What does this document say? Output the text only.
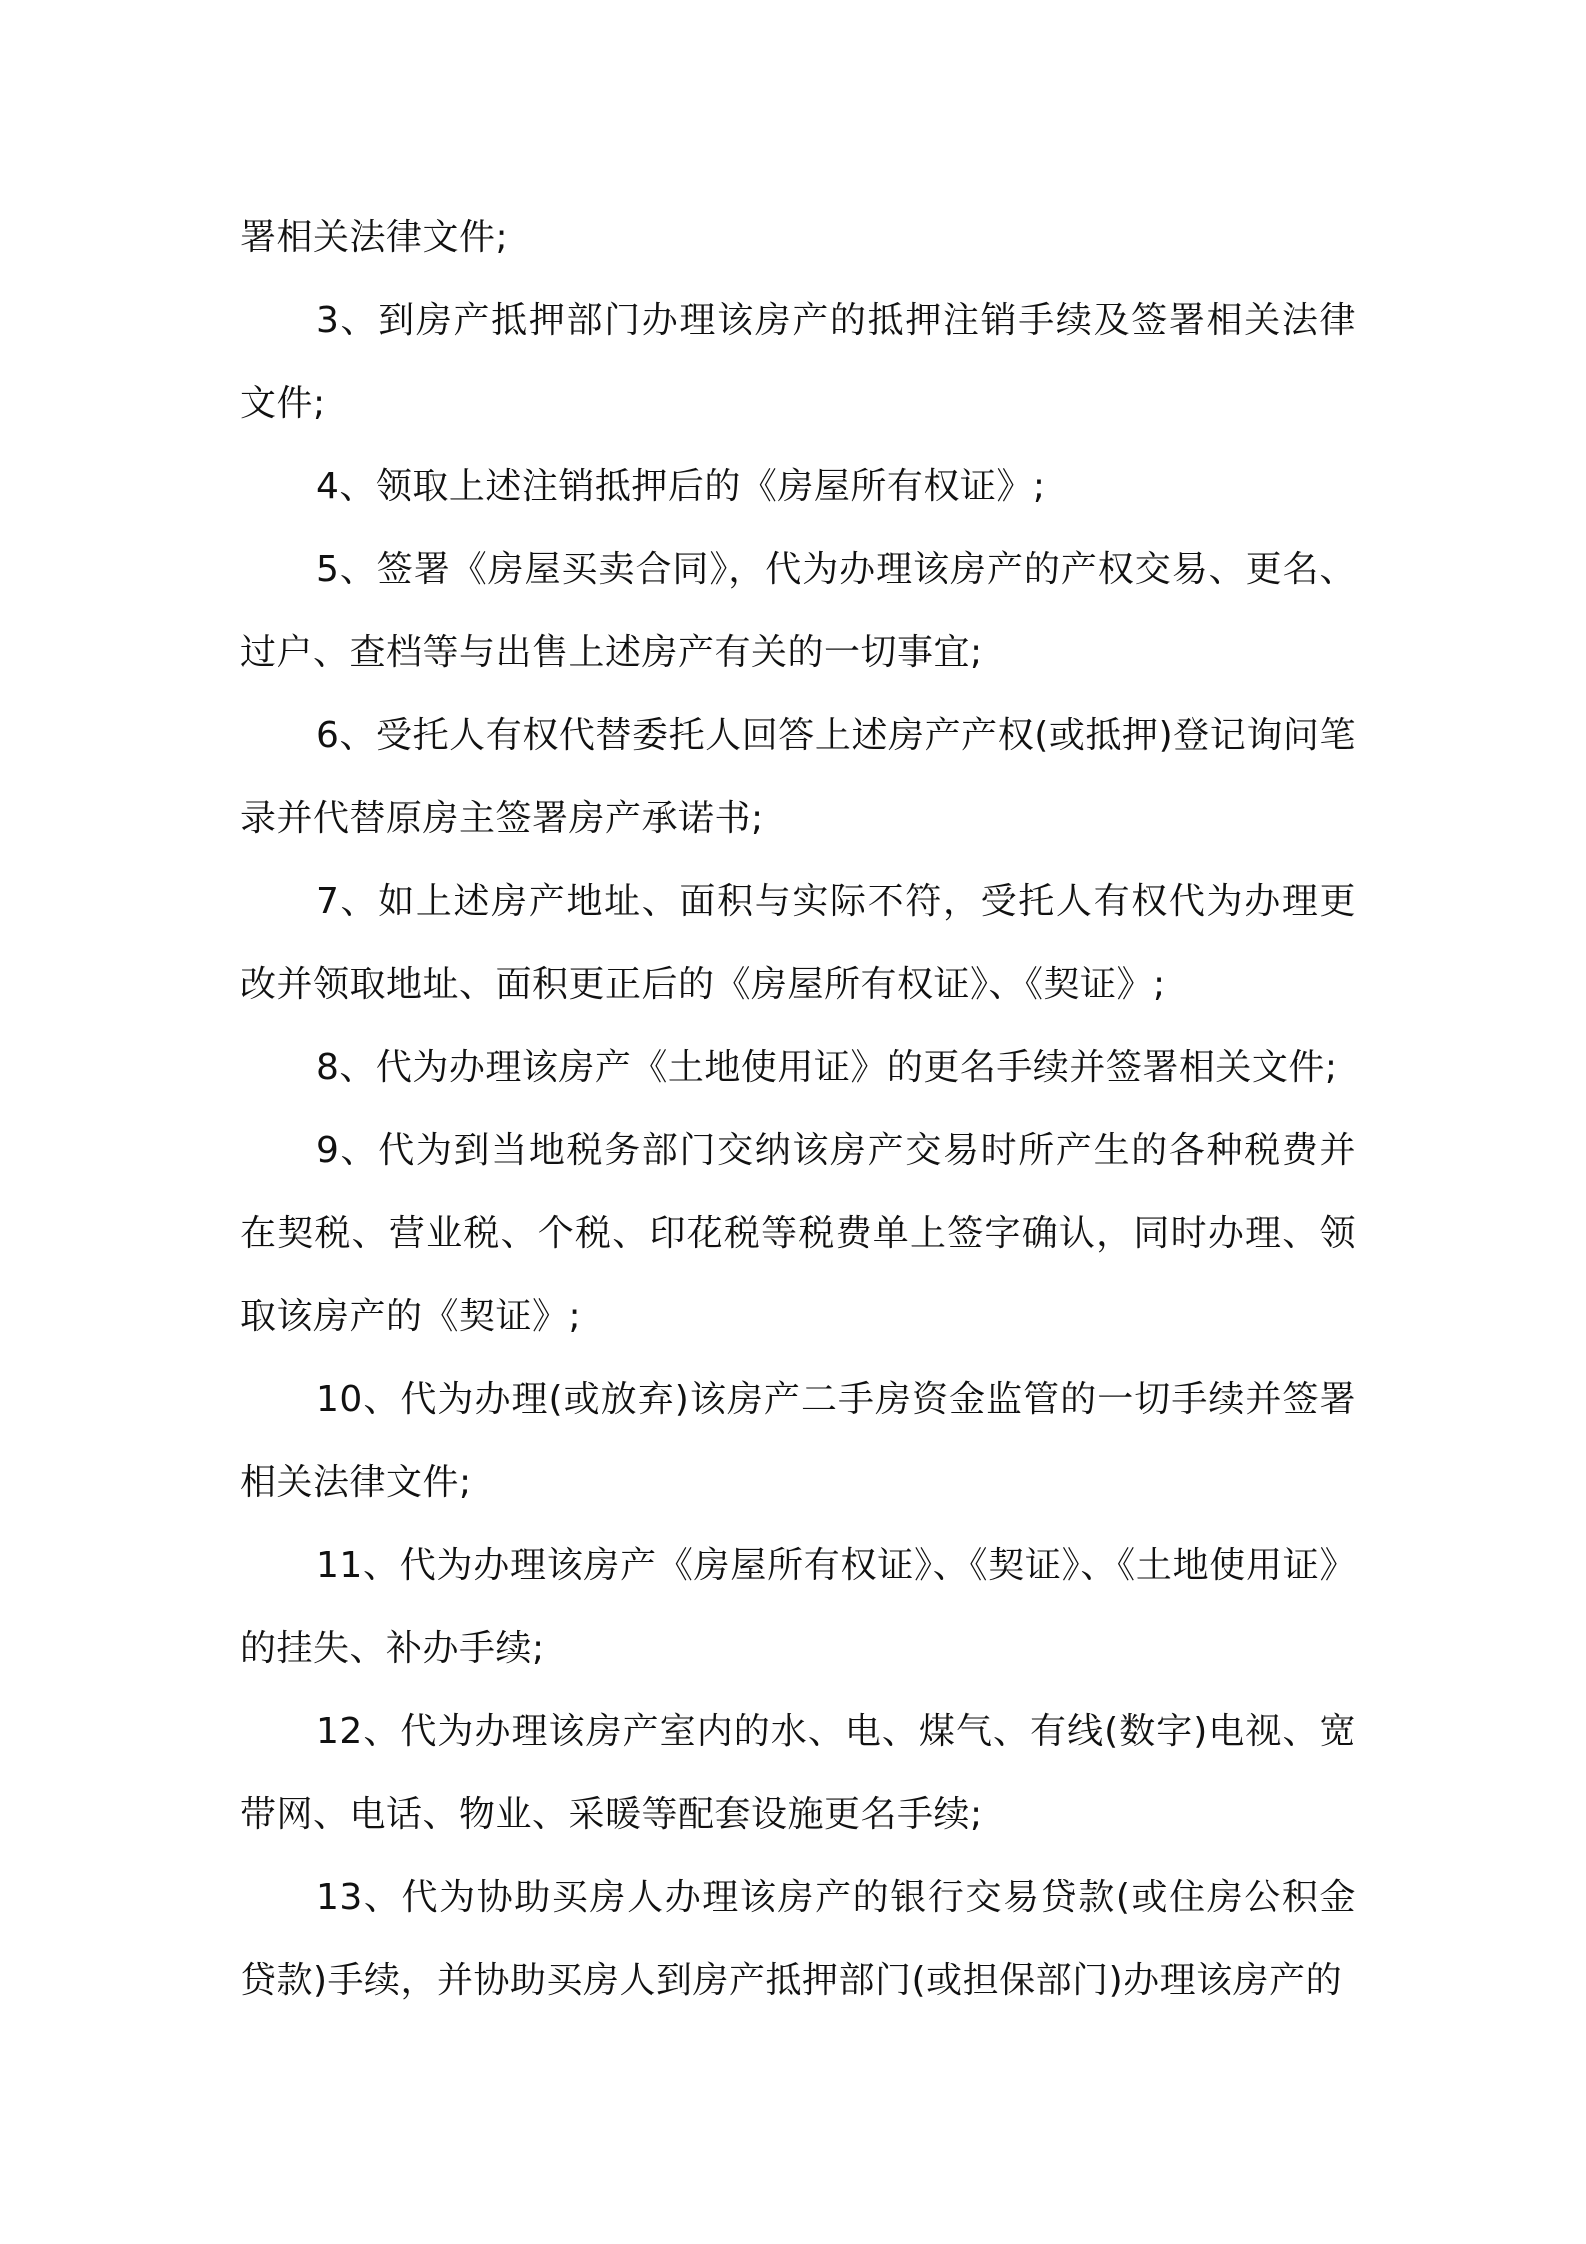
署相关法律文件;

3、到房产抵押部门办理该房产的抵押注销手续及签署相关法律文件;

4、领取上述注销抵押后的《房屋所有权证》;

5、签署《房屋买卖合同》，代为办理该房产的产权交易、更名、过户、查档等与出售上述房产有关的一切事宜;

6、受托人有权代替委托人回答上述房产产权(或抵押)登记询问笔录并代替原房主签署房产承诺书;

7、如上述房产地址、面积与实际不符，受托人有权代为办理更改并领取地址、面积更正后的《房屋所有权证》、《契证》;

8、代为办理该房产《土地使用证》的更名手续并签署相关文件;

9、代为到当地税务部门交纳该房产交易时所产生的各种税费并在契税、营业税、个税、印花税等税费单上签字确认，同时办理、领取该房产的《契证》;

10、代为办理(或放弃)该房产二手房资金监管的一切手续并签署相关法律文件;

11、代为办理该房产《房屋所有权证》、《契证》、《土地使用证》的挂失、补办手续;

12、代为办理该房产室内的水、电、煤气、有线(数字)电视、宽带网、电话、物业、采暖等配套设施更名手续;

13、代为协助买房人办理该房产的银行交易贷款(或住房公积金贷款)手续，并协助买房人到房产抵押部门(或担保部门)办理该房产的
